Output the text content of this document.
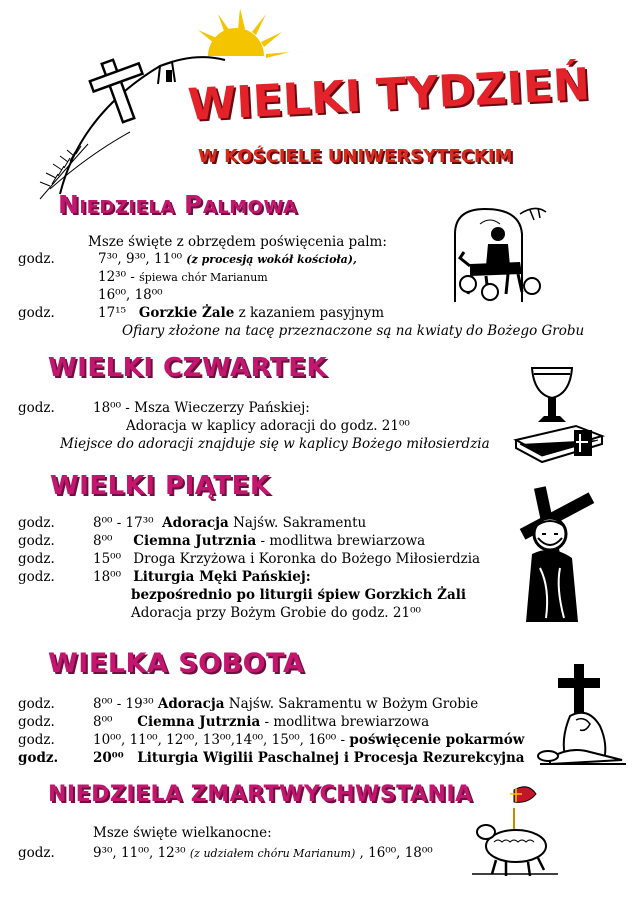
WIELKI TYDZIEŃ
W KOŚCIELE UNIWERSYTECKIM
Niedziela Palmowa
Msze święte z obrzędem poświęcenia palm:
godz.	7³⁰, 9³⁰, 11⁰⁰ (z procesją wokół kościoła),
12³⁰ - śpiewa chór Marianum
16⁰⁰, 18⁰⁰
godz.	17¹⁵ Gorzkie Żale z kazaniem pasyjnym
Ofiary złożone na tacę przeznaczone są na kwiaty do Bożego Grobu
WIELKI CZWARTEK
godz.	18⁰⁰ - Msza Wieczerzy Pańskiej:
Adoracja w kaplicy adoracji do godz. 21⁰⁰
Miejsce do adoracji znajduje się w kaplicy Bożego miłosierdzia
WIELKI PIĄTEK
godz.	8⁰⁰ - 17³⁰ Adoracja Najśw. Sakramentu
godz.	8⁰⁰ Ciemna Jutrznia - modlitwa brewiarzowa
godz.	15⁰⁰ Droga Krzyżowa i Koronka do Bożego Miłosierdzia
godz.	18⁰⁰ Liturgia Męki Pańskiej:
bezpośrednio po liturgii śpiew Gorzkich Żali
Adoracja przy Bożym Grobie do godz. 21⁰⁰
WIELKA SOBOTA
godz.	8⁰⁰ - 19³⁰ Adoracja Najśw. Sakramentu w Bożym Grobie
godz.	8⁰⁰ Ciemna Jutrznia - modlitwa brewiarzowa
godz.	10⁰⁰, 11⁰⁰, 12⁰⁰, 13⁰⁰,14⁰⁰, 15⁰⁰, 16⁰⁰ - poświęcenie pokarmów
godz.	20⁰⁰ Liturgia Wigilii Paschalnej i Procesja Rezurekcyjna
NIEDZIELA ZMARTWYCHWSTANIA
Msze święte wielkanocne:
godz.	9³⁰, 11⁰⁰, 12³⁰ (z udziałem chóru Marianum) , 16⁰⁰, 18⁰⁰
